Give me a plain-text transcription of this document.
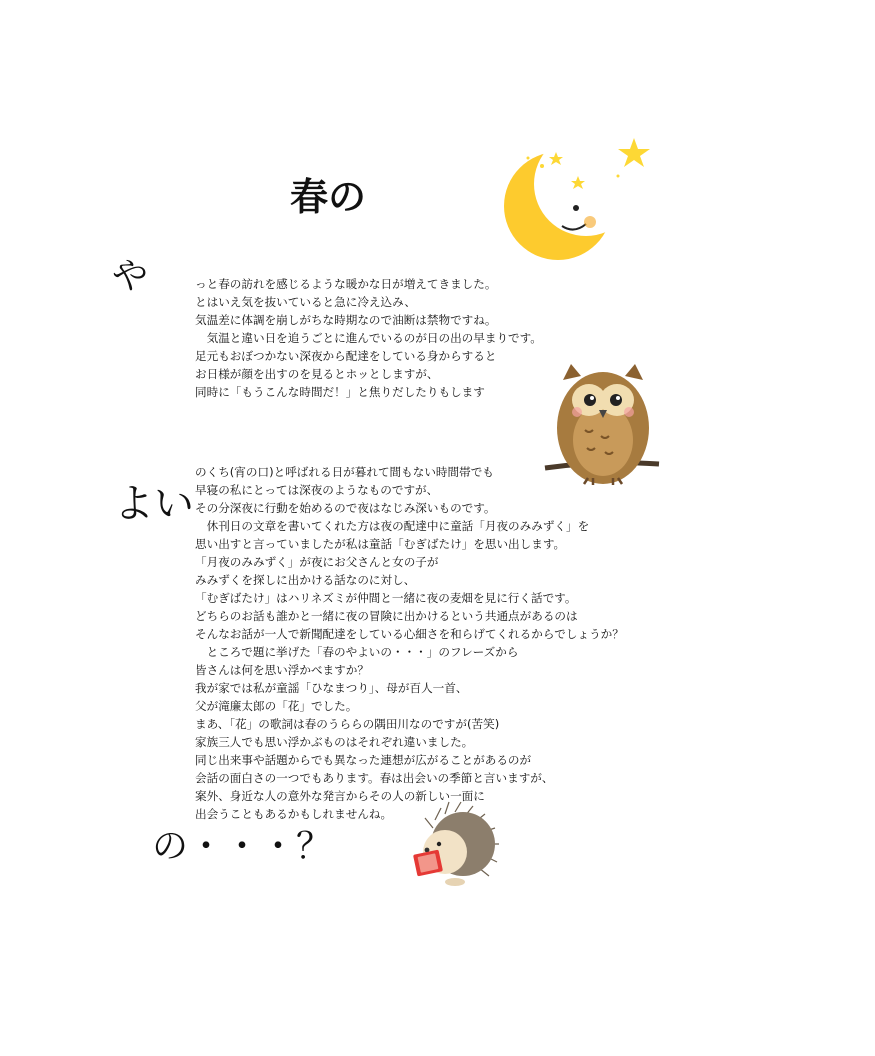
春の
や
よい
の・・・？
っと春の訪れを感じるような暖かな日が増えてきました。
とはいえ気を抜いていると急に冷え込み、
気温差に体調を崩しがちな時期なので油断は禁物ですね。
　気温と違い日を追うごとに進んでいるのが日の出の早まりです。
足元もおぼつかない深夜から配達をしている身からすると
お日様が顔を出すのを見るとホッとしますが、
同時に「もうこんな時間だ！」と焦りだしたりもします
のくち(宵の口)と呼ばれる日が暮れて間もない時間帯でも
早寝の私にとっては深夜のようなものですが、
その分深夜に行動を始めるので夜はなじみ深いものです。
　休刊日の文章を書いてくれた方は夜の配達中に童話「月夜のみみずく」を
思い出すと言っていましたが私は童話「むぎばたけ」を思い出します。
「月夜のみみずく」が夜にお父さんと女の子が
みみずくを探しに出かける話なのに対し、
「むぎばたけ」はハリネズミが仲間と一緒に夜の麦畑を見に行く話です。
どちらのお話も誰かと一緒に夜の冒険に出かけるという共通点があるのは
そんなお話が一人で新聞配達をしている心細さを和らげてくれるからでしょうか？
　ところで題に挙げた「春のやよいの・・・」のフレーズから
皆さんは何を思い浮かべますか？
我が家では私が童謡「ひなまつり」、母が百人一首、
父が滝廉太郎の「花」でした。
まあ、「花」の歌詞は春のうららの隅田川なのですが(苦笑)
家族三人でも思い浮かぶものはそれぞれ違いました。
同じ出来事や話題からでも異なった連想が広がることがあるのが
会話の面白さの一つでもあります。春は出会いの季節と言いますが、
案外、身近な人の意外な発言からその人の新しい一面に
出会うこともあるかもしれませんね。
